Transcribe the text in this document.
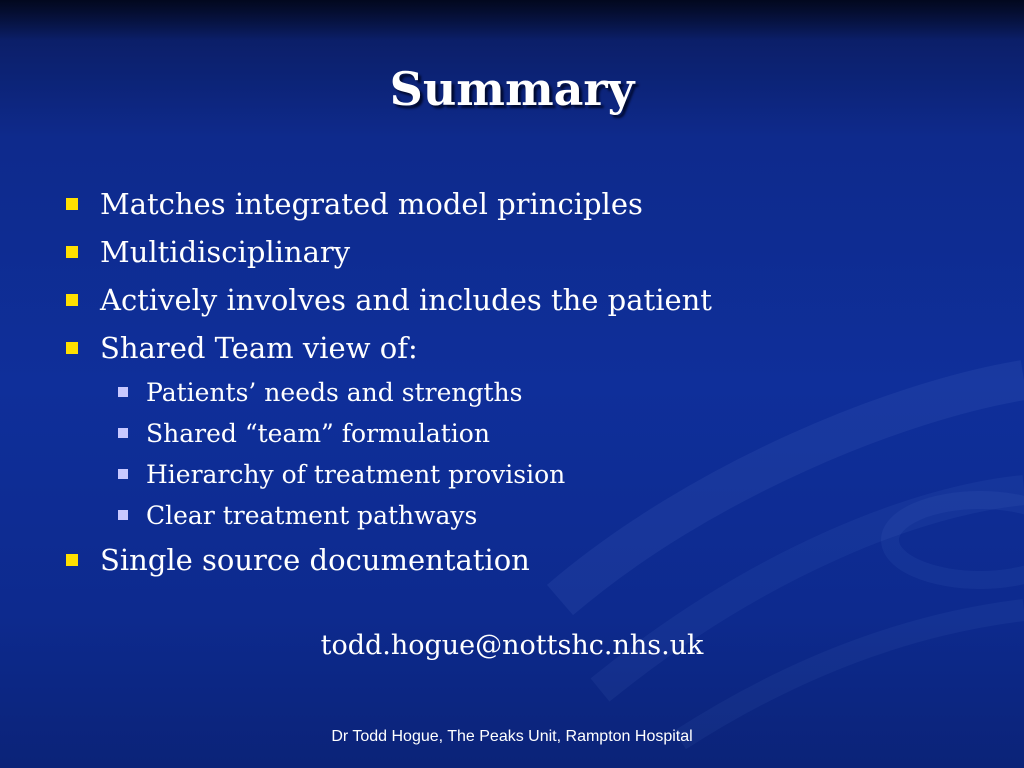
Summary
Matches integrated model principles
Multidisciplinary
Actively involves and includes the patient
Shared Team view of:
Patients’ needs and strengths
Shared “team” formulation
Hierarchy of treatment provision
Clear treatment pathways
Single source documentation
todd.hogue@nottshc.nhs.uk
Dr Todd Hogue, The Peaks Unit, Rampton Hospital
